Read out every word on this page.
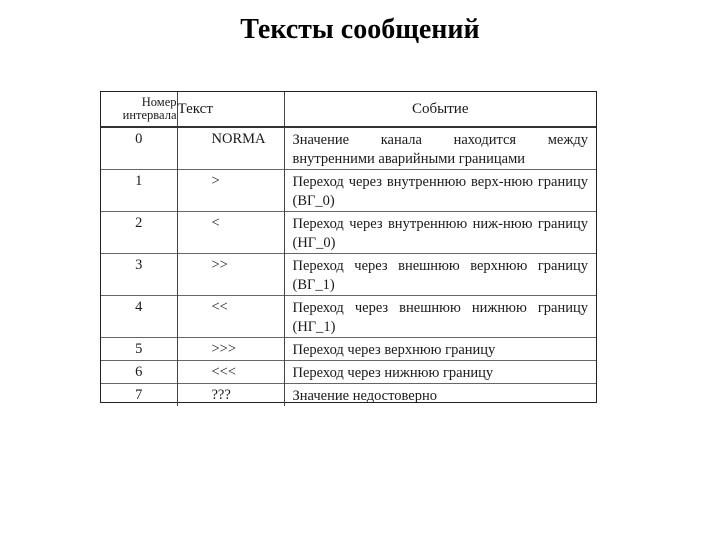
Тексты сообщений
Номер
интервала	Текст	Событие
0	NORMA	Значение канала находится между внутренними аварийными границами
1	>	Переход через внутреннюю верх-нюю границу (ВГ_0)
2	<	Переход через внутреннюю ниж-нюю границу (НГ_0)
3	>>	Переход через внешнюю верхнюю границу (ВГ_1)
4	<<	Переход через внешнюю нижнюю границу (НГ_1)
5	>>>	Переход через верхнюю границу
6	<<<	Переход через нижнюю границу
7	???	Значение недостоверно
